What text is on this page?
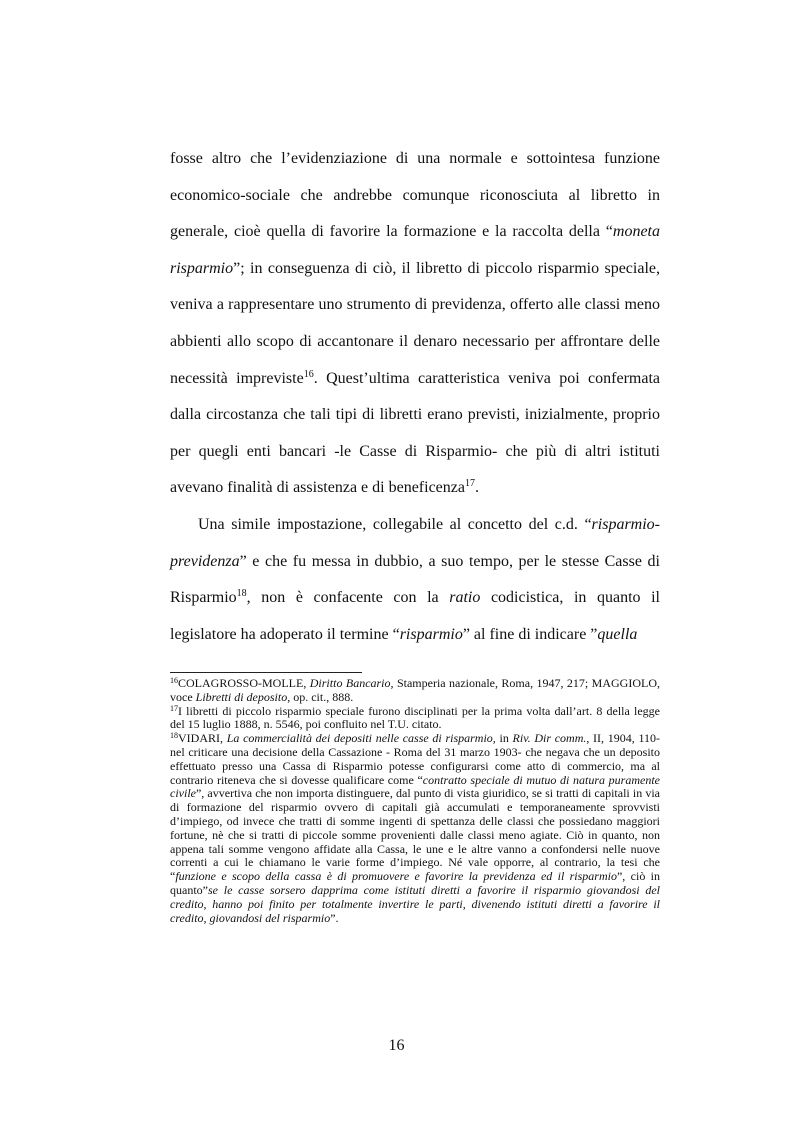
fosse altro che l’evidenziazione di una normale e sottointesa funzione economico-sociale che andrebbe comunque riconosciuta al libretto in generale, cioè quella di favorire la formazione e la raccolta della “moneta risparmio”; in conseguenza di ciò, il libretto di piccolo risparmio speciale, veniva a rappresentare uno strumento di previdenza, offerto alle classi meno abbienti allo scopo di accantonare il denaro necessario per affrontare delle necessità impreviste$^{16}$. Quest’ultima caratteristica veniva poi confermata dalla circostanza che tali tipi di libretti erano previsti, inizialmente, proprio per quegli enti bancari -le Casse di Risparmio- che più di altri istituti avevano finalità di assistenza e di beneficenza$^{17}$.

Una simile impostazione, collegabile al concetto del c.d. “risparmio-previdenza” e che fu messa in dubbio, a suo tempo, per le stesse Casse di Risparmio$^{18}$, non è confacente con la ratio codicistica, in quanto il legislatore ha adoperato il termine “risparmio” al fine di indicare ”quella

$^{16}$COLAGROSSO-MOLLE, Diritto Bancario, Stamperia nazionale, Roma, 1947, 217; MAGGIOLO, voce Libretti di deposito, op. cit., 888.

$^{17}$I libretti di piccolo risparmio speciale furono disciplinati per la prima volta dall’art. 8 della legge del 15 luglio 1888, n. 5546, poi confluito nel T.U. citato.

$^{18}$VIDARI, La commercialità dei depositi nelle casse di risparmio, in Riv. Dir comm., II, 1904, 110- nel criticare una decisione della Cassazione - Roma del 31 marzo 1903- che negava che un deposito effettuato presso una Cassa di Risparmio potesse configurarsi come atto di commercio, ma al contrario riteneva che si dovesse qualificare come “contratto speciale di mutuo di natura puramente civile”, avvertiva che non importa distinguere, dal punto di vista giuridico, se si tratti di capitali in via di formazione del risparmio ovvero di capitali già accumulati e temporaneamente sprovvisti d’impiego, od invece che tratti di somme ingenti di spettanza delle classi che possiedano maggiori fortune, nè che si tratti di piccole somme provenienti dalle classi meno agiate. Ciò in quanto, non appena tali somme vengono affidate alla Cassa, le une e le altre vanno a confondersi nelle nuove correnti a cui le chiamano le varie forme d’impiego. Né vale opporre, al contrario, la tesi che “funzione e scopo della cassa è di promuovere e favorire la previdenza ed il risparmio”, ciò in quanto”se le casse sorsero dapprima come istituti diretti a favorire il risparmio giovandosi del credito, hanno poi finito per totalmente invertire le parti, divenendo istituti diretti a favorire il credito, giovandosi del risparmio”.

16
